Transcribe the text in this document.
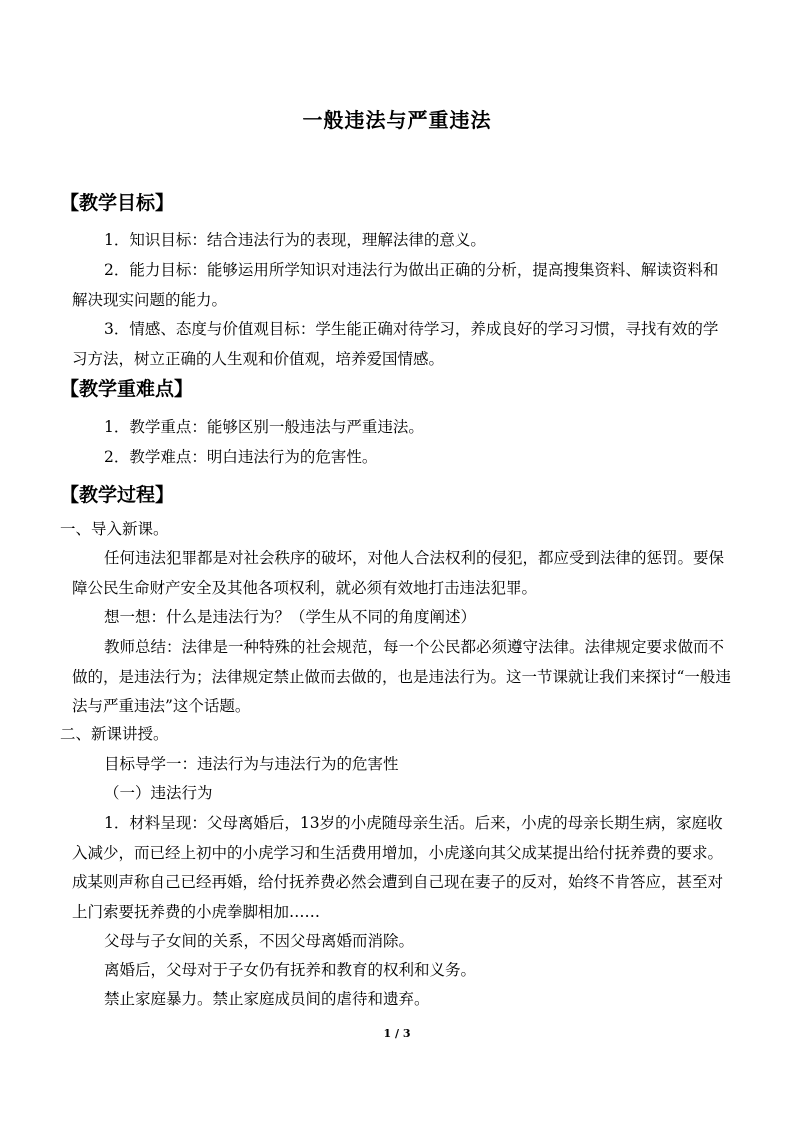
一般违法与严重违法
【教学目标】
1．知识目标：结合违法行为的表现，理解法律的意义。
2．能力目标：能够运用所学知识对违法行为做出正确的分析，提高搜集资料、解读资料和解决现实问题的能力。
3．情感、态度与价值观目标：学生能正确对待学习，养成良好的学习习惯，寻找有效的学习方法，树立正确的人生观和价值观，培养爱国情感。
【教学重难点】
1．教学重点：能够区别一般违法与严重违法。
2．教学难点：明白违法行为的危害性。
【教学过程】
一、导入新课。
任何违法犯罪都是对社会秩序的破坏，对他人合法权利的侵犯，都应受到法律的惩罚。要保障公民生命财产安全及其他各项权利，就必须有效地打击违法犯罪。
想一想：什么是违法行为？（学生从不同的角度阐述）
教师总结：法律是一种特殊的社会规范，每一个公民都必须遵守法律。法律规定要求做而不做的，是违法行为；法律规定禁止做而去做的，也是违法行为。这一节课就让我们来探讨“一般违法与严重违法”这个话题。
二、新课讲授。
目标导学一：违法行为与违法行为的危害性
（一）违法行为
1．材料呈现：父母离婚后，13岁的小虎随母亲生活。后来，小虎的母亲长期生病，家庭收入减少，而已经上初中的小虎学习和生活费用增加，小虎遂向其父成某提出给付抚养费的要求。成某则声称自己已经再婚，给付抚养费必然会遭到自己现在妻子的反对，始终不肯答应，甚至对上门索要抚养费的小虎拳脚相加……
父母与子女间的关系，不因父母离婚而消除。
离婚后，父母对于子女仍有抚养和教育的权利和义务。
禁止家庭暴力。禁止家庭成员间的虐待和遗弃。
1 / 3
